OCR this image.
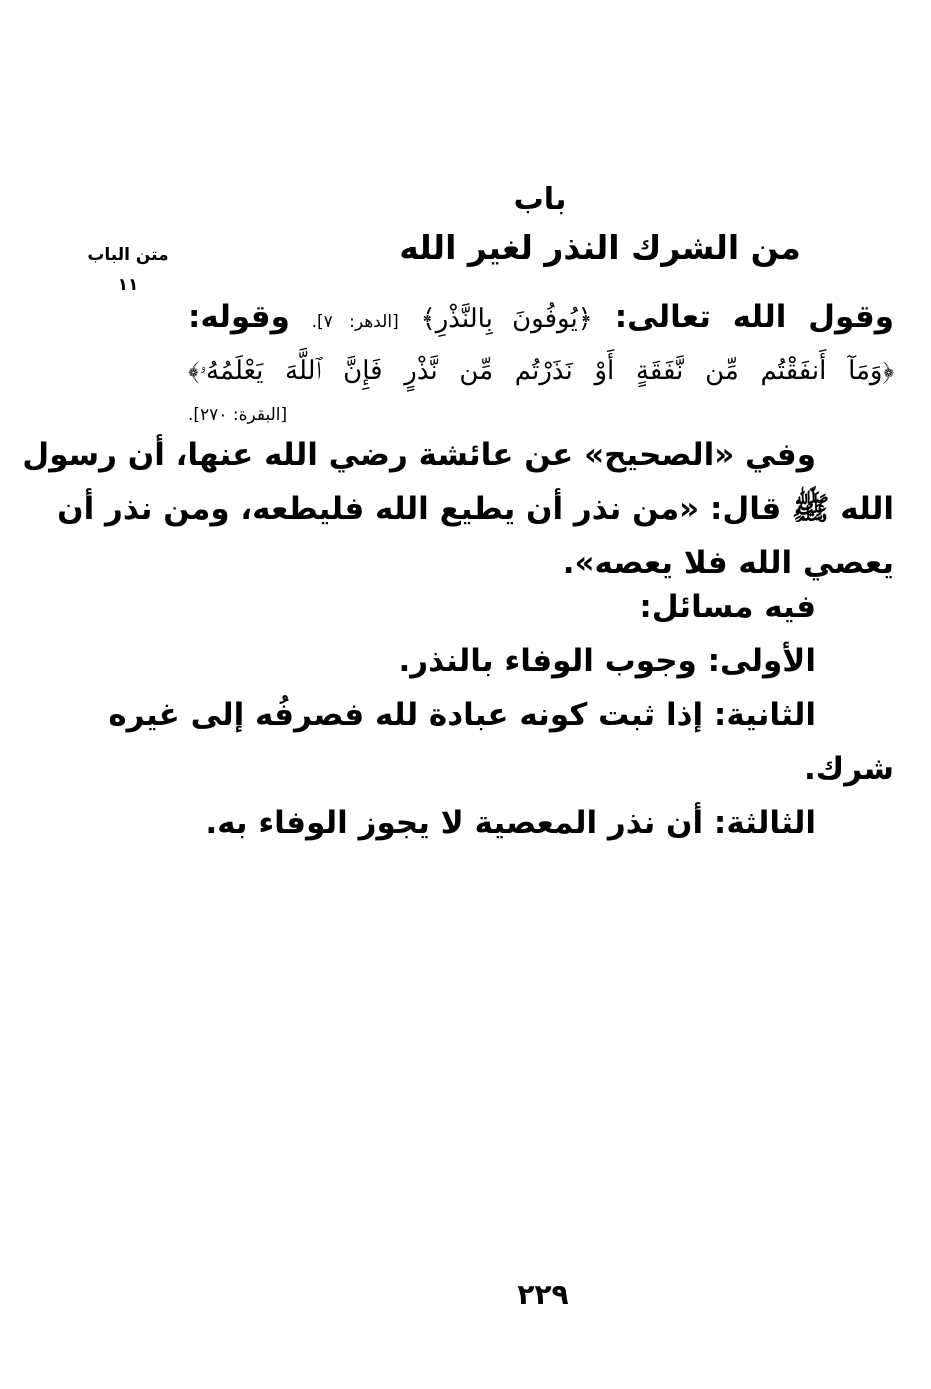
باب
من الشرك النذر لغير الله
متن الباب
١١
وقول الله تعالى: ﴿يُوفُونَ بِالنَّذْرِ﴾ [الدهر: ٧]. وقوله:
﴿وَمَآ أَنفَقْتُم مِّن نَّفَقَةٍ أَوْ نَذَرْتُم مِّن نَّذْرٍ فَإِنَّ ٱللَّهَ يَعْلَمُهُۥ﴾
[البقرة: ٢٧٠].
وفي «الصحيح» عن عائشة رضي الله عنها، أن رسول
الله ﷺ قال: «من نذر أن يطيع الله فليطعه، ومن نذر أن
يعصي الله فلا يعصه».
فيه مسائل:
الأولى: وجوب الوفاء بالنذر.
الثانية: إذا ثبت كونه عبادة لله فصرفُه إلى غيره
شرك.
الثالثة: أن نذر المعصية لا يجوز الوفاء به.
٢٢٩
